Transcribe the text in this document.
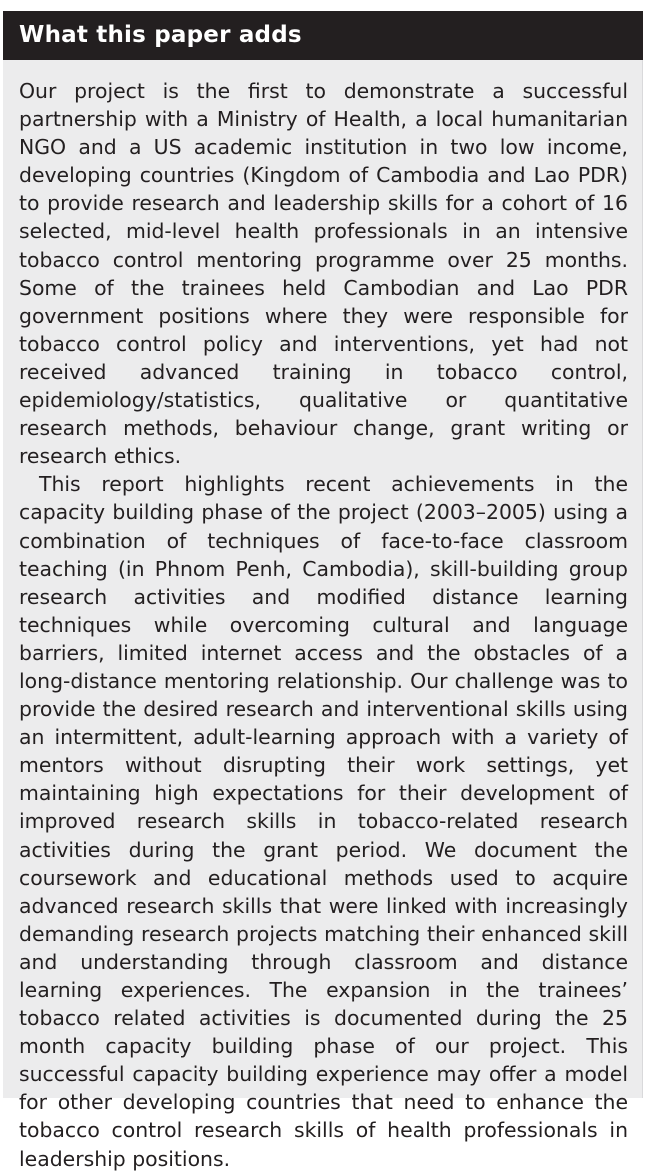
What this paper adds

Our project is the first to demonstrate a successful partnership with a Ministry of Health, a local humanitarian NGO and a US academic institution in two low income, developing countries (Kingdom of Cambodia and Lao PDR) to provide research and leadership skills for a cohort of 16 selected, mid-level health professionals in an intensive tobacco control mentoring programme over 25 months. Some of the trainees held Cambodian and Lao PDR government positions where they were responsible for tobacco control policy and interventions, yet had not received advanced training in tobacco control, epidemiology/statistics, qualitative or quantitative research methods, behaviour change, grant writing or research ethics.

This report highlights recent achievements in the capacity building phase of the project (2003–2005) using a combination of techniques of face-to-face classroom teaching (in Phnom Penh, Cambodia), skill-building group research activities and modified distance learning techniques while overcoming cultural and language barriers, limited internet access and the obstacles of a long-distance mentoring relationship. Our challenge was to provide the desired research and interventional skills using an intermittent, adult-learning approach with a variety of mentors without disrupting their work settings, yet maintaining high expectations for their development of improved research skills in tobacco-related research activities during the grant period. We document the coursework and educational methods used to acquire advanced research skills that were linked with increasingly demanding research projects matching their enhanced skill and understanding through classroom and distance learning experiences. The expansion in the trainees’ tobacco related activities is documented during the 25 month capacity building phase of our project. This successful capacity building experience may offer a model for other developing countries that need to enhance the tobacco control research skills of health professionals in leadership positions.
